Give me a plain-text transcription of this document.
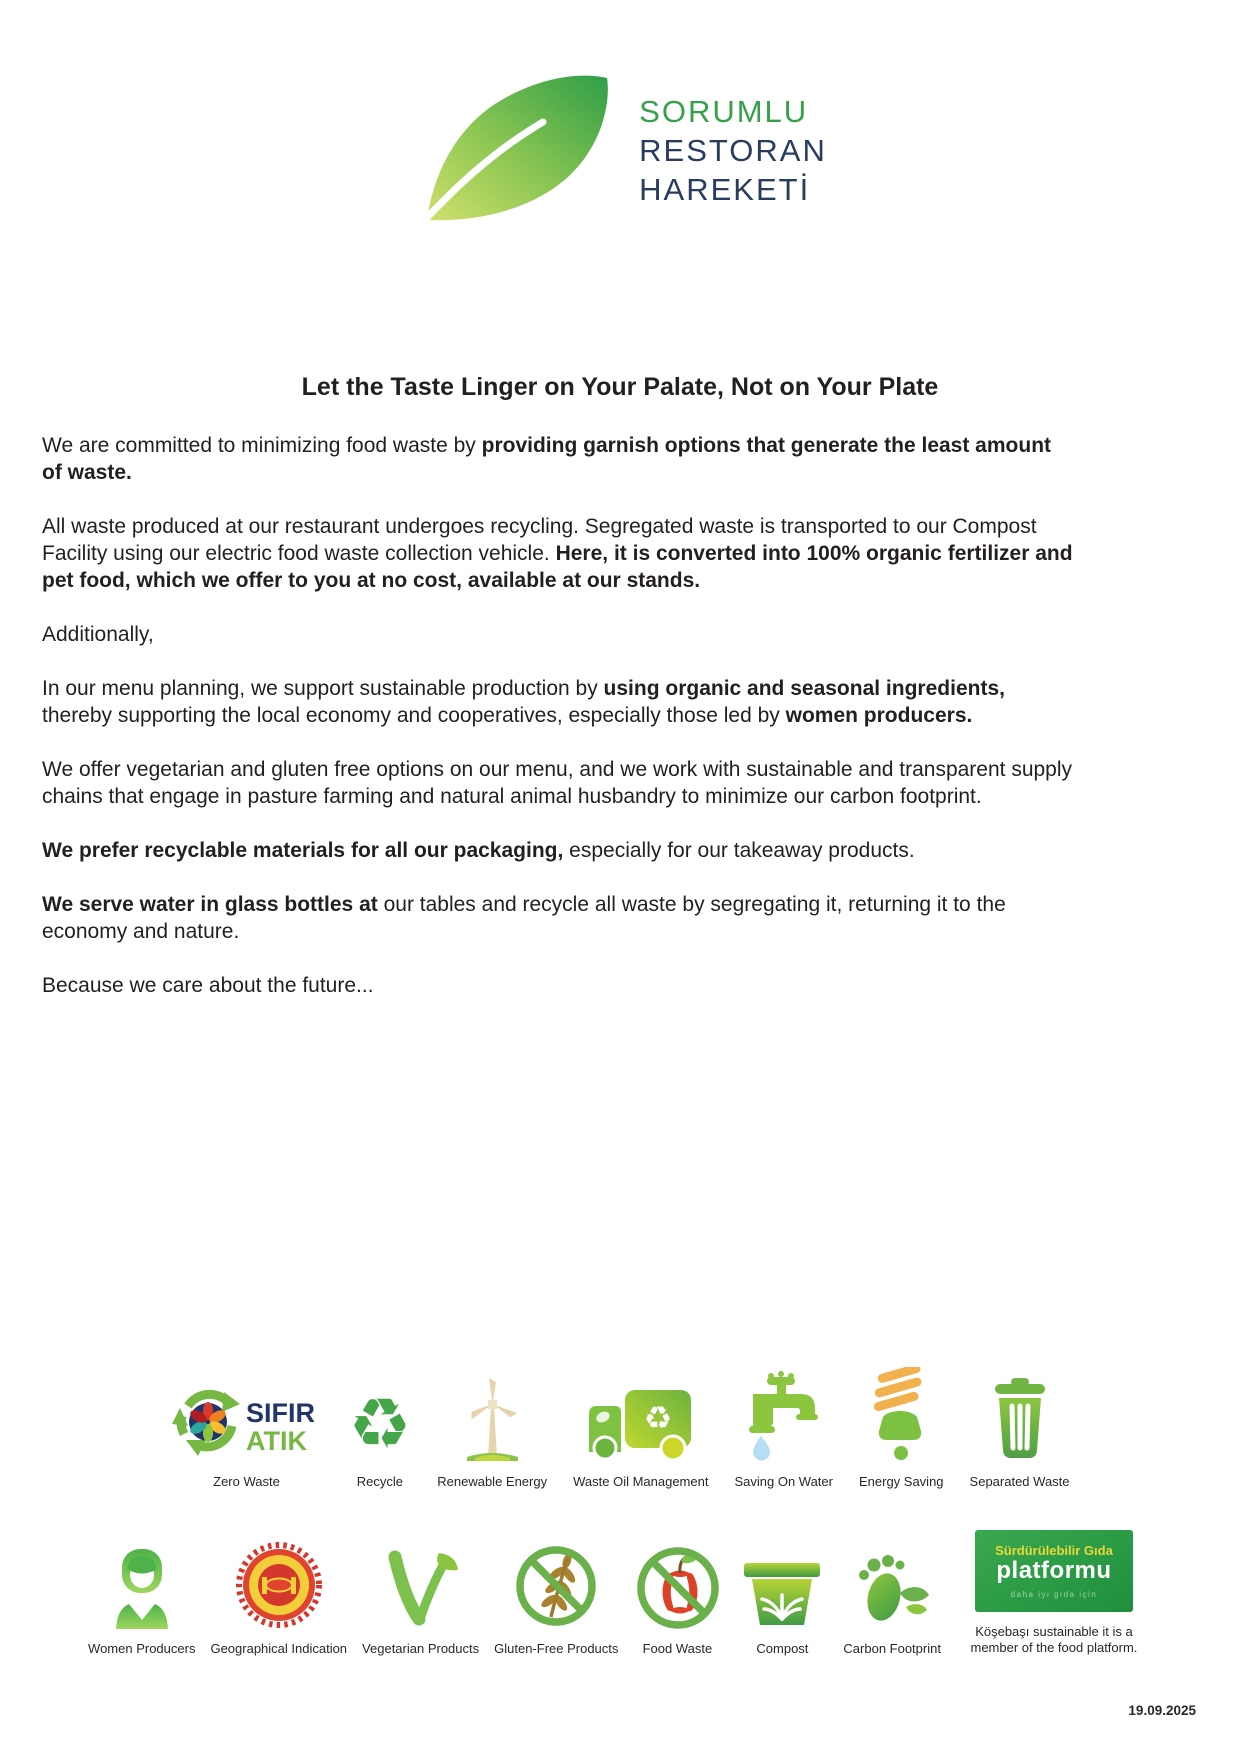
SORUMLU
RESTORAN
HAREKETİ
Let the Taste Linger on Your Palate, Not on Your Plate

We are committed to minimizing food waste by providing garnish options that generate the least amount of waste.

All waste produced at our restaurant undergoes recycling. Segregated waste is transported to our Compost Facility using our electric food waste collection vehicle. Here, it is converted into 100% organic fertilizer and pet food, which we offer to you at no cost, available at our stands.

Additionally,

In our menu planning, we support sustainable production by using organic and seasonal ingredients, thereby supporting the local economy and cooperatives, especially those led by women producers.

We offer vegetarian and gluten free options on our menu, and we work with sustainable and transparent supply chains that engage in pasture farming and natural animal husbandry to minimize our carbon footprint.

We prefer recyclable materials for all our packaging, especially for our takeaway products.

We serve water in glass bottles at our tables and recycle all waste by segregating it, returning it to the economy and nature.

Because we care about the future...

SIFIR
ATIK
Zero Waste
♻
Recycle	Renewable Energy
♻
Waste Oil Management Saving On Water Energy Saving Separated Waste
Women Producers Geographical Indication Vegetarian Products Gluten-Free Products Food Waste	Compost	Carbon Footprint
Sürdürülebilir Gıda
platformu
daha iyi gıda için
Köşebaşı sustainable it is a member of the food platform.
19.09.2025
